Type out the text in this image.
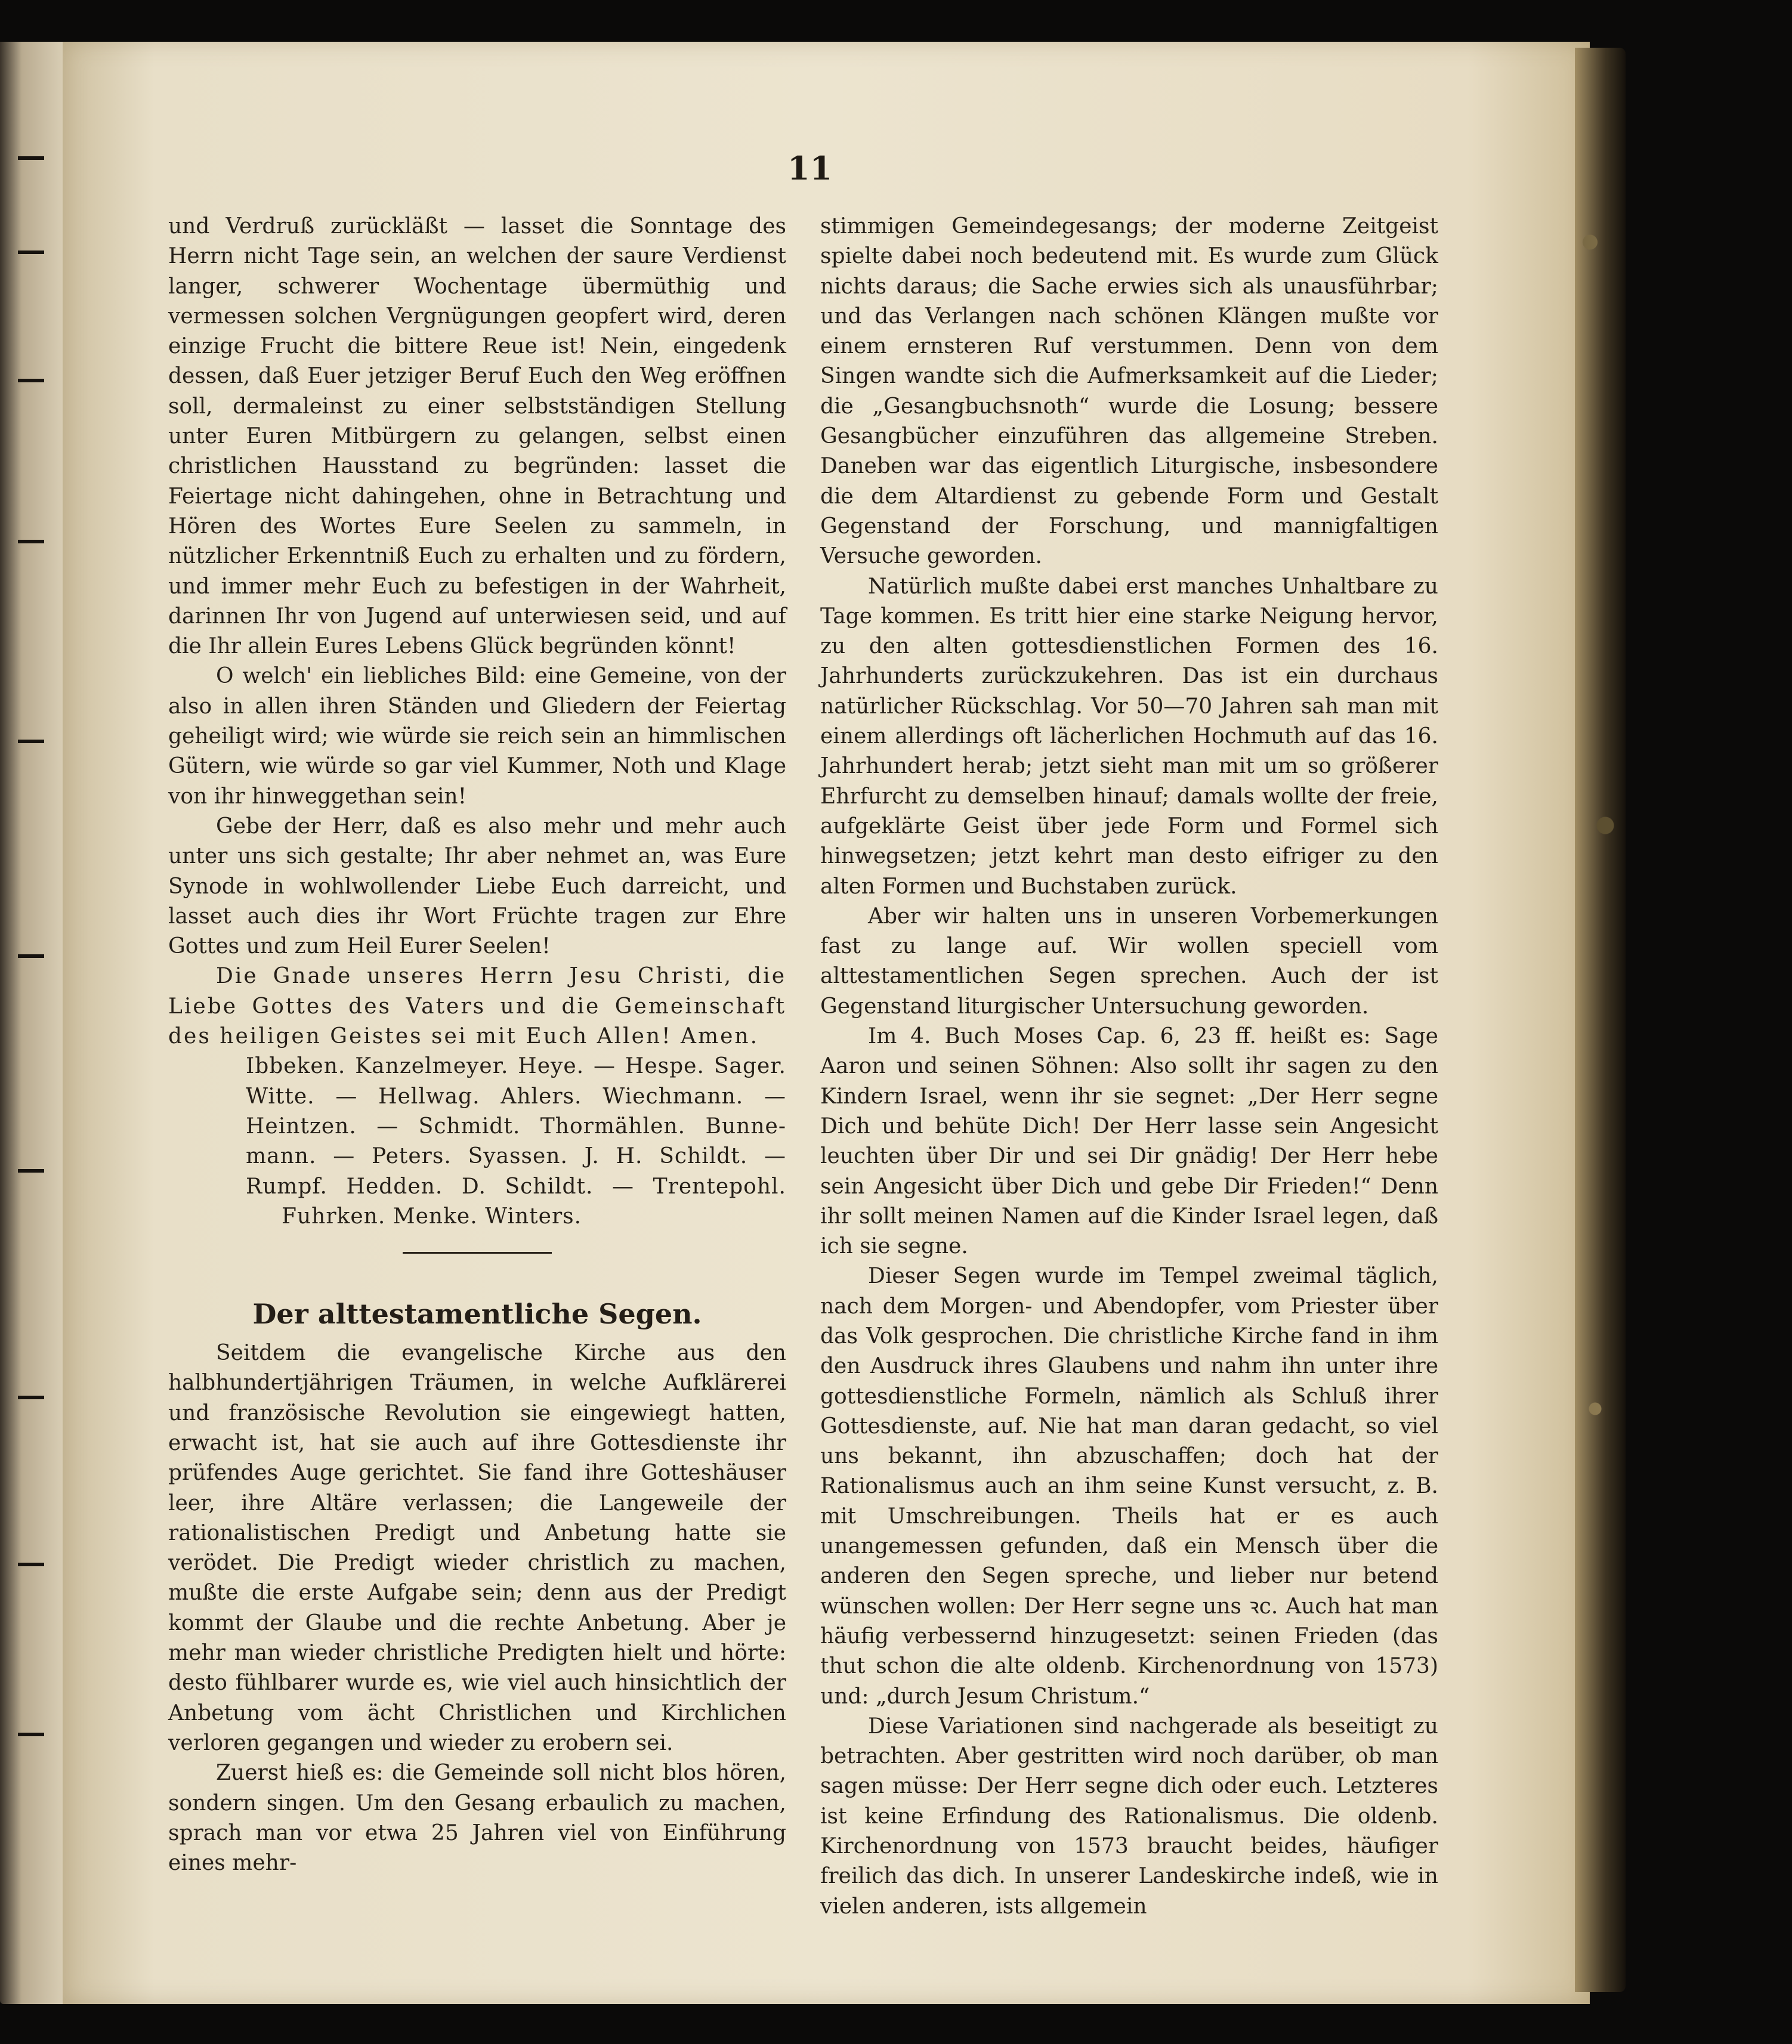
11

und Verdruß zurückläßt — lasset die Sonntage des Herrn nicht Tage sein, an welchen der saure Verdienst langer, schwerer Wochentage übermüthig und vermessen solchen Vergnügungen geopfert wird, deren einzige Frucht die bittere Reue ist! Nein, eingedenk dessen, daß Euer jetziger Beruf Euch den Weg eröffnen soll, dermaleinst zu einer selbstständigen Stellung unter Euren Mitbürgern zu gelangen, selbst einen christlichen Hausstand zu begründen: lasset die Feiertage nicht dahingehen, ohne in Betrachtung und Hören des Wortes Eure Seelen zu sammeln, in nützlicher Erkenntniß Euch zu erhalten und zu fördern, und immer mehr Euch zu befestigen in der Wahrheit, darinnen Ihr von Jugend auf unterwiesen seid, und auf die Ihr allein Eures Lebens Glück begründen könnt!

O welch' ein liebliches Bild: eine Gemeine, von der also in allen ihren Ständen und Gliedern der Feiertag geheiligt wird; wie würde sie reich sein an himmlischen Gütern, wie würde so gar viel Kummer, Noth und Klage von ihr hinweggethan sein!

Gebe der Herr, daß es also mehr und mehr auch unter uns sich gestalte; Ihr aber nehmet an, was Eure Synode in wohlwollender Liebe Euch darreicht, und lasset auch dies ihr Wort Früchte tragen zur Ehre Gottes und zum Heil Eurer Seelen!

Die Gnade unseres Herrn Jesu Christi, die Liebe Gottes des Vaters und die Gemeinschaft des heiligen Geistes sei mit Euch Allen! Amen.

Ibbeken. Kanzelmeyer. Heye. — Hespe. Sager.
Witte. — Hellwag. Ahlers. Wiechmann. —
Heintzen. — Schmidt. Thormählen. Bunne-
mann. — Peters. Syassen. J. H. Schildt. —
Rumpf. Hedden. D. Schildt. — Trentepohl.
Fuhrken. Menke. Winters.
Der alttestamentliche Segen.

Seitdem die evangelische Kirche aus den halbhundertjährigen Träumen, in welche Aufklärerei und französische Revolution sie eingewiegt hatten, erwacht ist, hat sie auch auf ihre Gottesdienste ihr prüfendes Auge gerichtet. Sie fand ihre Gotteshäuser leer, ihre Altäre verlassen; die Langeweile der rationalistischen Predigt und Anbetung hatte sie verödet. Die Predigt wieder christlich zu machen, mußte die erste Aufgabe sein; denn aus der Predigt kommt der Glaube und die rechte Anbetung. Aber je mehr man wieder christliche Predigten hielt und hörte: desto fühlbarer wurde es, wie viel auch hinsichtlich der Anbetung vom ächt Christlichen und Kirchlichen verloren gegangen und wieder zu erobern sei.

Zuerst hieß es: die Gemeinde soll nicht blos hören, sondern singen. Um den Gesang erbaulich zu machen, sprach man vor etwa 25 Jahren viel von Einführung eines mehr-

stimmigen Gemeindegesangs; der moderne Zeitgeist spielte dabei noch bedeutend mit. Es wurde zum Glück nichts daraus; die Sache erwies sich als unausführbar; und das Verlangen nach schönen Klängen mußte vor einem ernsteren Ruf verstummen. Denn von dem Singen wandte sich die Aufmerksamkeit auf die Lieder; die „Gesangbuchsnoth“ wurde die Losung; bessere Gesangbücher einzuführen das allgemeine Streben. Daneben war das eigentlich Liturgische, insbesondere die dem Altardienst zu gebende Form und Gestalt Gegenstand der Forschung, und mannigfaltigen Versuche geworden.

Natürlich mußte dabei erst manches Unhaltbare zu Tage kommen. Es tritt hier eine starke Neigung hervor, zu den alten gottesdienstlichen Formen des 16. Jahrhunderts zurückzukehren. Das ist ein durchaus natürlicher Rückschlag. Vor 50—70 Jahren sah man mit einem allerdings oft lächerlichen Hochmuth auf das 16. Jahrhundert herab; jetzt sieht man mit um so größerer Ehrfurcht zu demselben hinauf; damals wollte der freie, aufgeklärte Geist über jede Form und Formel sich hinwegsetzen; jetzt kehrt man desto eifriger zu den alten Formen und Buchstaben zurück.

Aber wir halten uns in unseren Vorbemerkungen fast zu lange auf. Wir wollen speciell vom alttestamentlichen Segen sprechen. Auch der ist Gegenstand liturgischer Untersuchung geworden.

Im 4. Buch Moses Cap. 6, 23 ff. heißt es: Sage Aaron und seinen Söhnen: Also sollt ihr sagen zu den Kindern Israel, wenn ihr sie segnet: „Der Herr segne Dich und behüte Dich! Der Herr lasse sein Angesicht leuchten über Dir und sei Dir gnädig! Der Herr hebe sein Angesicht über Dich und gebe Dir Frieden!“ Denn ihr sollt meinen Namen auf die Kinder Israel legen, daß ich sie segne.

Dieser Segen wurde im Tempel zweimal täglich, nach dem Morgen- und Abendopfer, vom Priester über das Volk gesprochen. Die christliche Kirche fand in ihm den Ausdruck ihres Glaubens und nahm ihn unter ihre gottesdienstliche Formeln, nämlich als Schluß ihrer Gottesdienste, auf. Nie hat man daran gedacht, so viel uns bekannt, ihn abzuschaffen; doch hat der Rationalismus auch an ihm seine Kunst versucht, z. B. mit Umschreibungen. Theils hat er es auch unangemessen gefunden, daß ein Mensch über die anderen den Segen spreche, und lieber nur betend wünschen wollen: Der Herr segne uns ꝛc. Auch hat man häufig verbessernd hinzugesetzt: seinen Frieden (das thut schon die alte oldenb. Kirchenordnung von 1573) und: „durch Jesum Christum.“

Diese Variationen sind nachgerade als beseitigt zu betrachten. Aber gestritten wird noch darüber, ob man sagen müsse: Der Herr segne dich oder euch. Letzteres ist keine Erfindung des Rationalismus. Die oldenb. Kirchenordnung von 1573 braucht beides, häufiger freilich das dich. In unserer Landeskirche indeß, wie in vielen anderen, ists allgemein
